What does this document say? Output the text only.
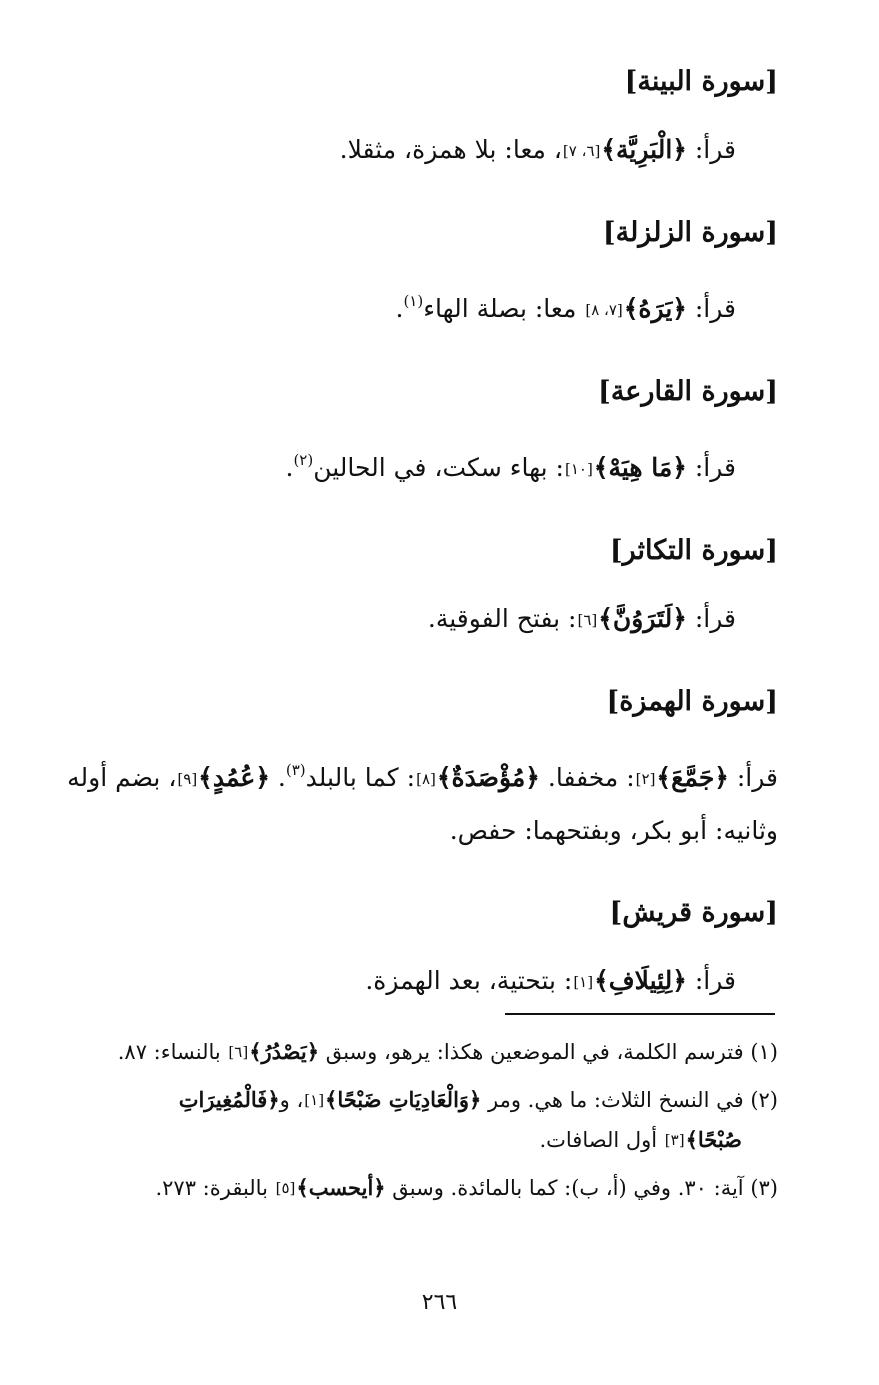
[سورة البينة]
قرأ: ﴿الْبَرِيَّة﴾[٦، ٧]، معا: بلا همزة، مثقلا.
[سورة الزلزلة]
قرأ: ﴿يَرَهُ﴾[٧، ٨] معا: بصلة الهاء$^{(١)}$.
[سورة القارعة]
قرأ: ﴿مَا هِيَهْ﴾[١٠]: بهاء سكت، في الحالين$^{(٢)}$.
[سورة التكاثر]
قرأ: ﴿لَتَرَوُنَّ﴾[٦]: بفتح الفوقية.
[سورة الهمزة]
قرأ: ﴿جَمَّعَ﴾[٢]: مخففا. ﴿مُؤْصَدَةٌ﴾[٨]: كما بالبلد$^{(٣)}$. ﴿عُمُدٍ﴾[٩]، بضم أوله وثانيه: أبو بكر، وبفتحهما: حفص.
[سورة قريش]
قرأ: ﴿لِئِيلَافِ﴾[١]: بتحتية، بعد الهمزة.
(١) فترسم الكلمة، في الموضعين هكذا: يرهو، وسبق ﴿يَصْدُرُ﴾[٦] بالنساء: ٨٧.
(٢) في النسخ الثلاث: ما هي. ومر ﴿وَالْعَادِيَاتِ ضَبْحًا﴾[١]، و﴿فَالْمُغِيرَاتِ
صُبْحًا﴾[٣] أول الصافات.
(٣) آية: ٣٠. وفي (أ، ب): كما بالمائدة. وسبق ﴿أيحسب﴾[٥] بالبقرة: ٢٧٣.
٢٦٦
